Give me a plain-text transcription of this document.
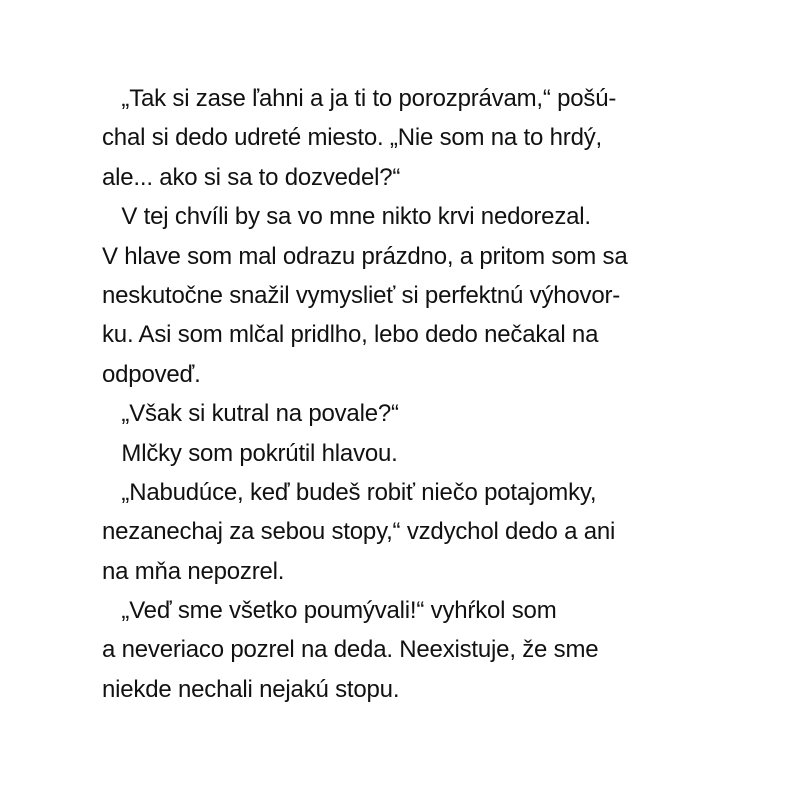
„Tak si zase ľahni a ja ti to porozprávam,“ pošú-
chal si dedo udreté miesto. „Nie som na to hrdý,
ale... ako si sa to dozvedel?“
V tej chvíli by sa vo mne nikto krvi nedorezal.
V hlave som mal odrazu prázdno, a pritom som sa
neskutočne snažil vymyslieť si perfektnú výhovor-
ku. Asi som mlčal pridlho, lebo dedo nečakal na
odpoveď.
„Však si kutral na povale?“
Mlčky som pokrútil hlavou.
„Nabudúce, keď budeš robiť niečo potajomky,
nezanechaj za sebou stopy,“ vzdychol dedo a ani
na mňa nepozrel.
„Veď sme všetko poumývali!“ vyhŕkol som
a neveriaco pozrel na deda. Neexistuje, že sme
niekde nechali nejakú stopu.
